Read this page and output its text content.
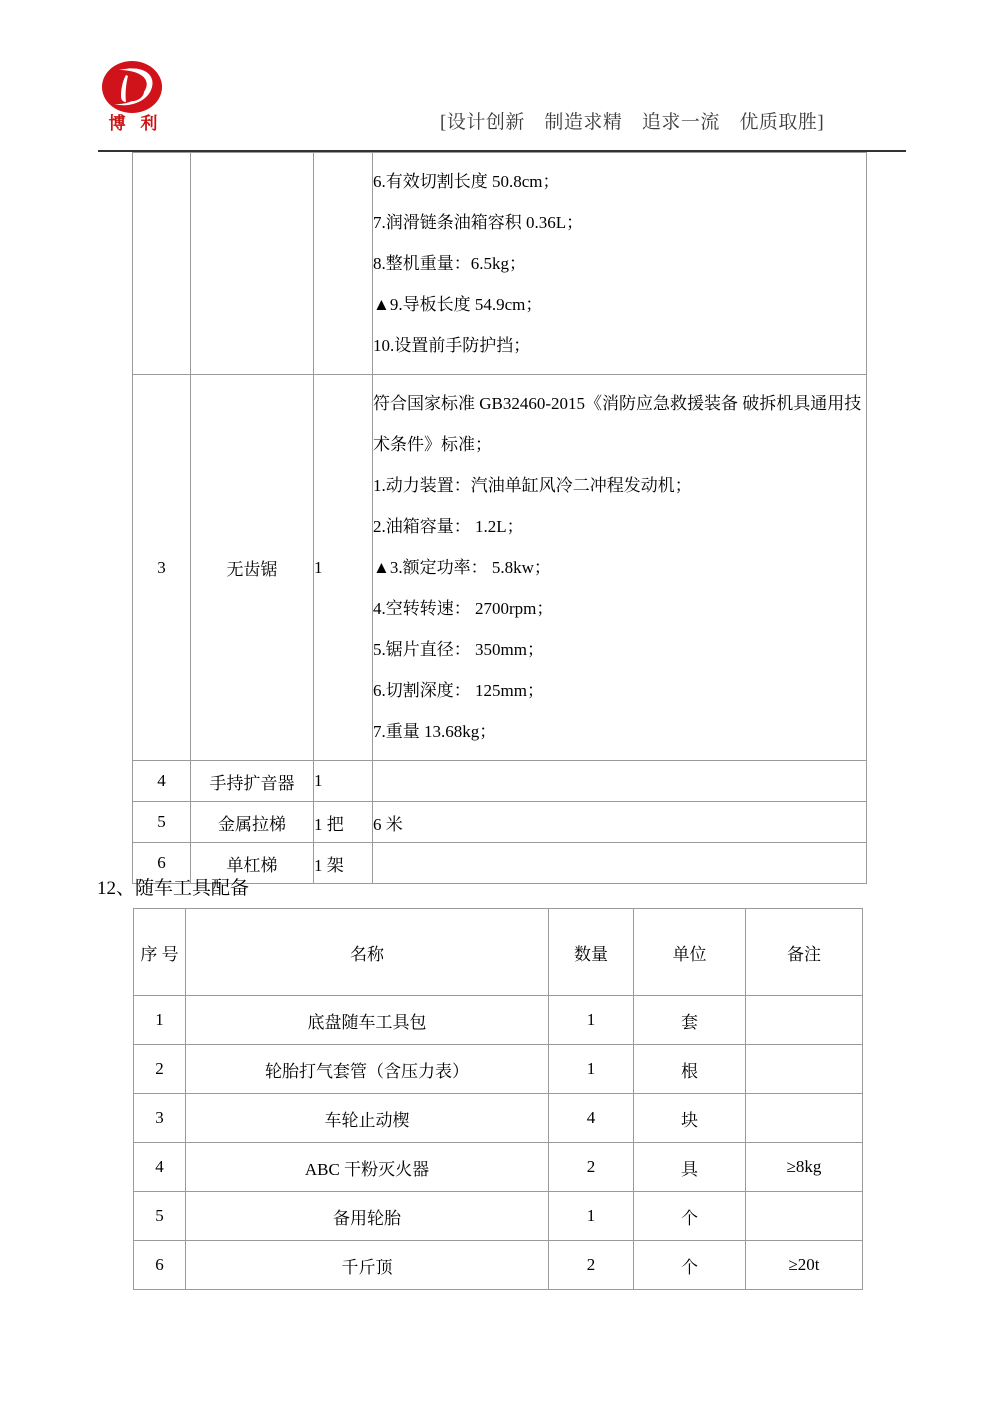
博 利	[设计创新　制造求精　追求一流　优质取胜]

			6.有效切割长度 50.8cm；
7.润滑链条油箱容积 0.36L；
8.整机重量：6.5kg；
▲9.导板长度 54.9cm；
10.设置前手防护挡；

3	无齿锯	1	
符合国家标准 GB32460-2015《消防应急救援装备 破拆机具通用技术条件》标准；
1.动力装置：汽油单缸风冷二冲程发动机；
2.油箱容量： 1.2L；
▲3.额定功率： 5.8kw；
4.空转转速： 2700rpm；
5.锯片直径： 350mm；
6.切割深度： 125mm；
7.重量 13.68kg；

4	手持扩音器	1	
5	金属拉梯	1 把	6 米
6	单杠梯	1 架	
12、随车工具配备
序 号	名称	数量	单位	备注
1	底盘随车工具包	1	套	
2	轮胎打气套管（含压力表）	1	根	
3	车轮止动楔	4	块	
4	ABC 干粉灭火器	2	具	≥8kg
5	备用轮胎	1	个	
6	千斤顶	2	个	≥20t
